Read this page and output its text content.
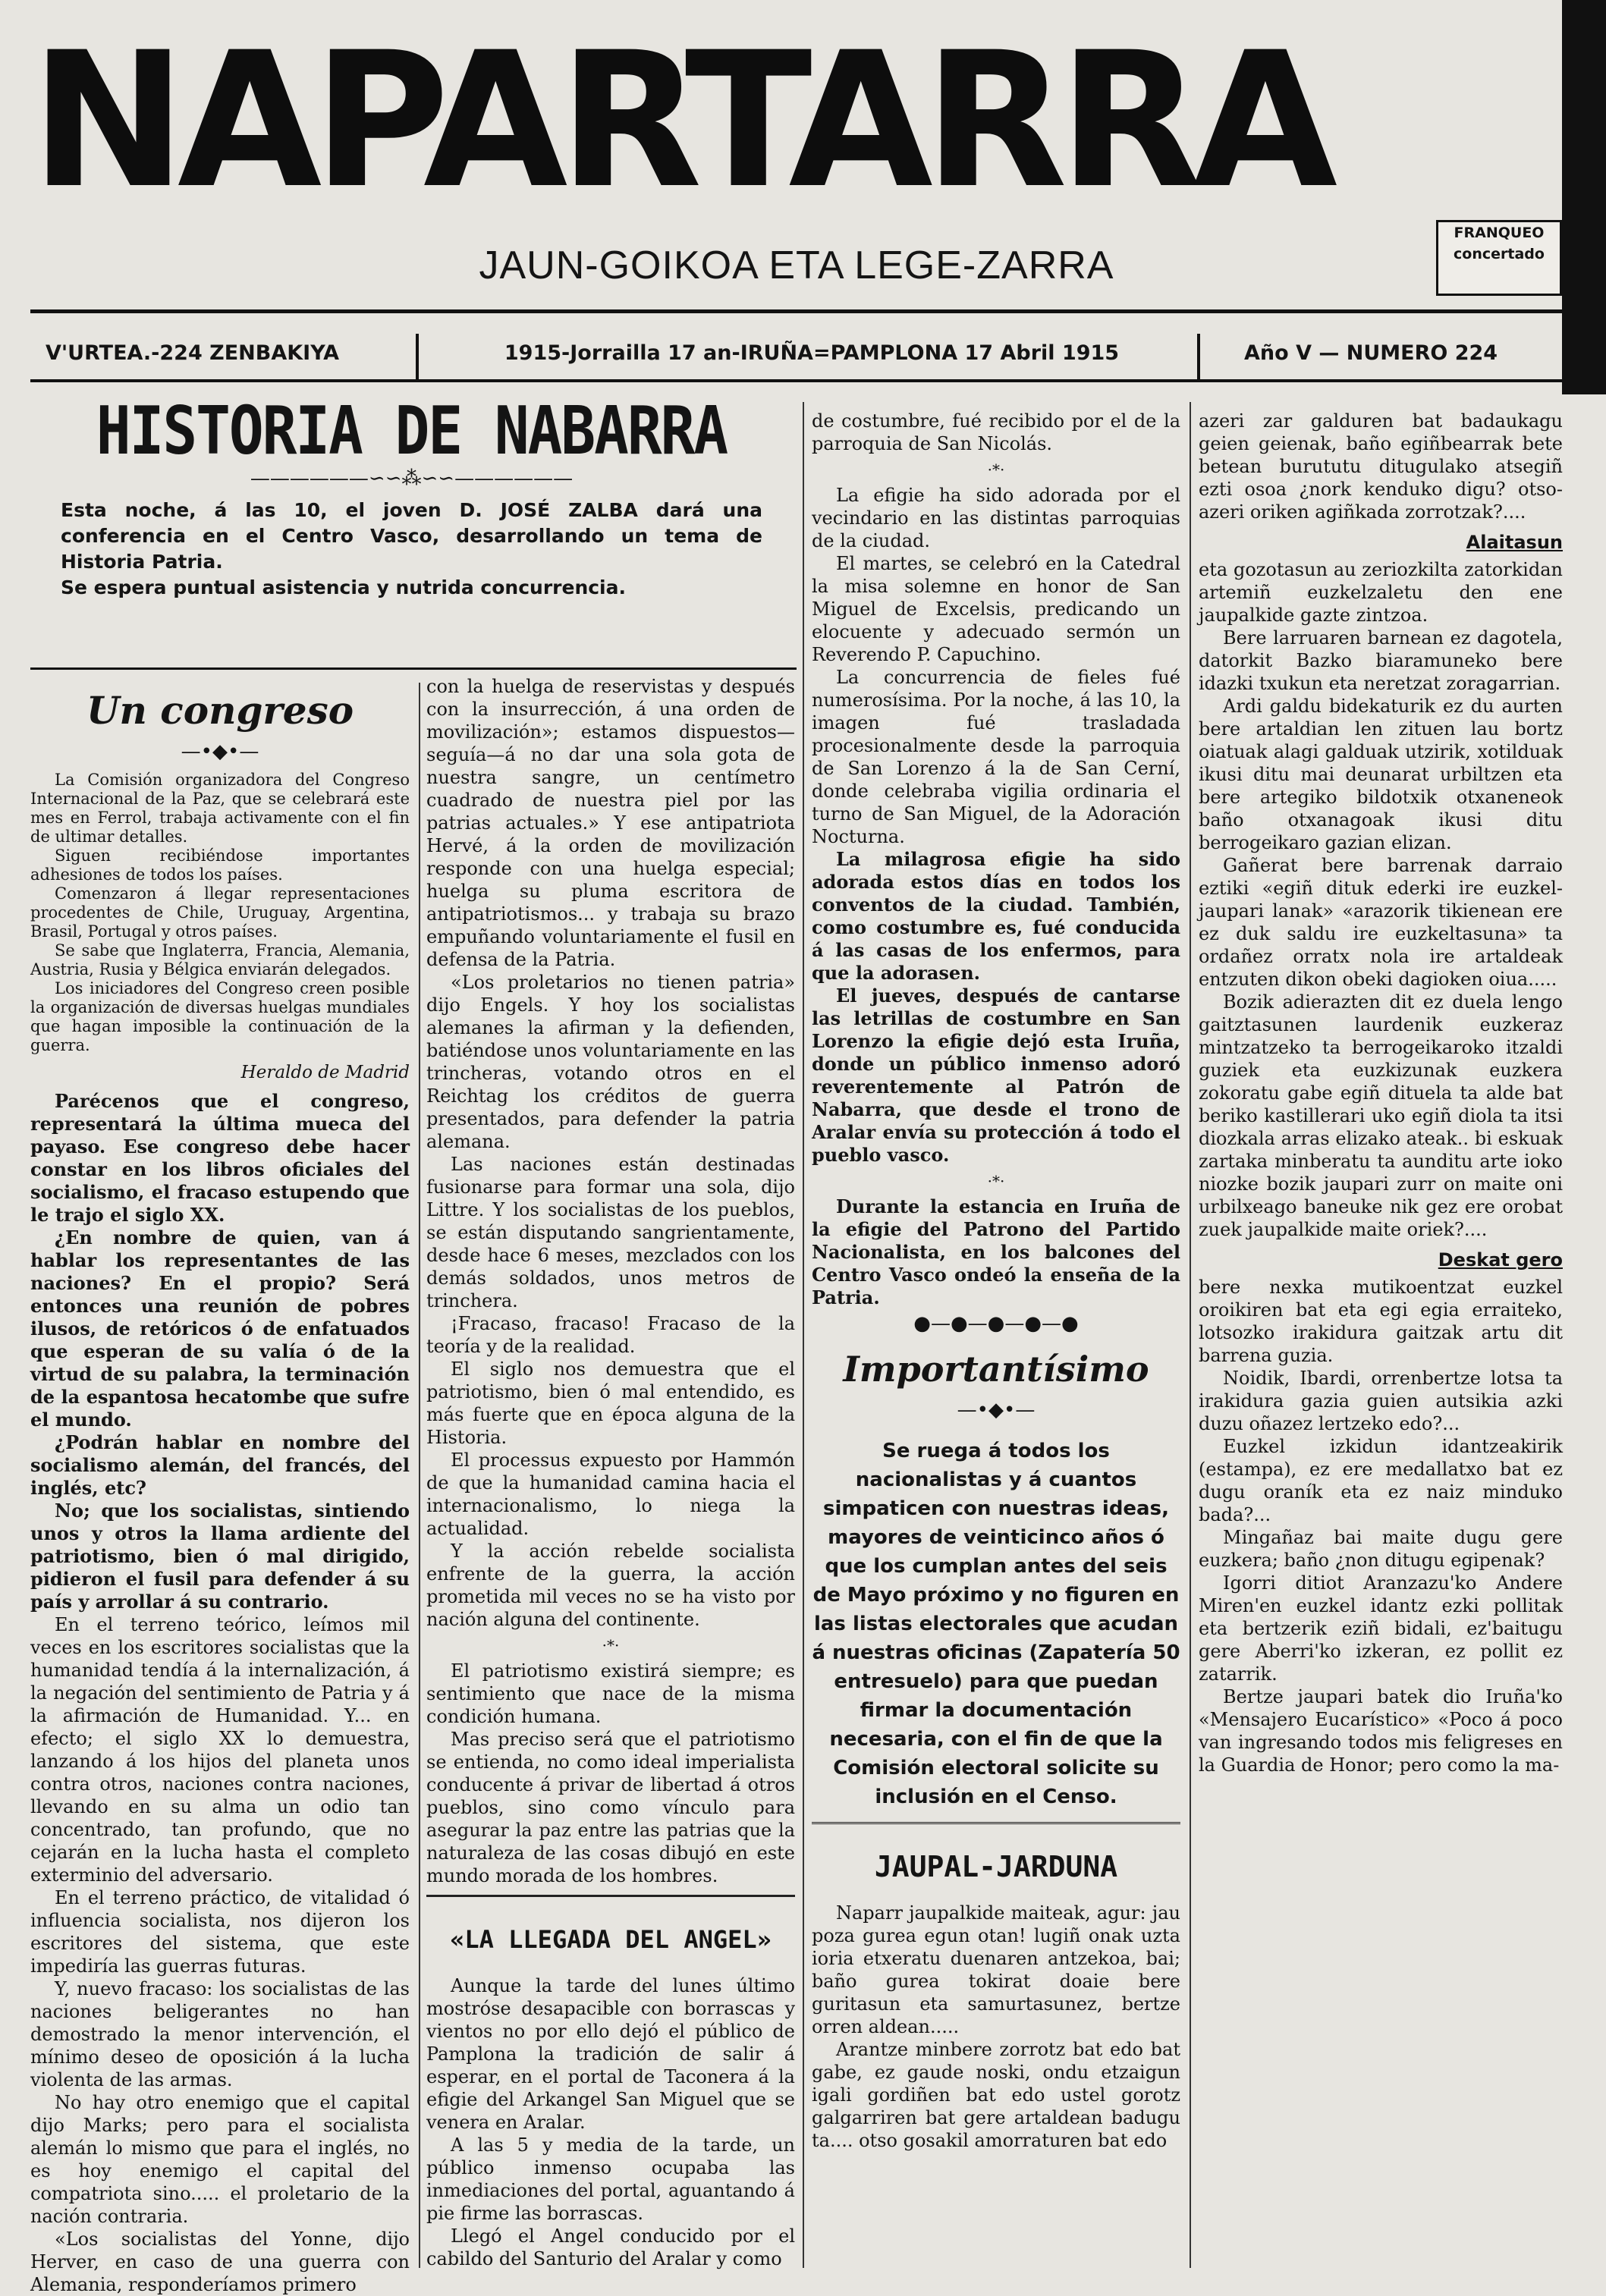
NAPARTARRA
JAUN-GOIKOA ETA LEGE-ZARRA
FRANQUEO
concertado
V'URTEA.-224 ZENBAKIYA	1915-Jorrailla 17 an-IRUÑA=PAMPLONA 17 Abril 1915	Año V — NUMERO 224
HISTORIA DE NABARRA
——————∽∽⁂∽∽——————

Esta noche, á las 10, el joven D. JOSÉ ZALBA dará una conferencia en el Centro Vasco, desarrollando un tema de Historia Patria.

Se espera puntual asistencia y nutrida concurrencia.

Un congreso
—•◆•—

La Comisión organizadora del Congreso Internacional de la Paz, que se celebrará este mes en Ferrol, trabaja activamente con el fin de ultimar detalles.

Siguen recibiéndose importantes adhesiones de todos los países.

Comenzaron á llegar representaciones procedentes de Chile, Uruguay, Argentina, Brasil, Portugal y otros países.

Se sabe que Inglaterra, Francia, Alemania, Austria, Rusia y Bélgica enviarán delegados.

Los iniciadores del Congreso creen posible la organización de diversas huelgas mundiales que hagan imposible la continuación de la guerra.

Heraldo de Madrid

Parécenos que el congreso, representará la última mueca del payaso. Ese congreso debe hacer constar en los libros oficiales del socialismo, el fracaso estupendo que le trajo el siglo XX.

¿En nombre de quien, van á hablar los representantes de las naciones? En el propio? Será entonces una reunión de pobres ilusos, de retóricos ó de enfatuados que esperan de su valía ó de la virtud de su palabra, la terminación de la espantosa hecatombe que sufre el mundo.

¿Podrán hablar en nombre del socialismo alemán, del francés, del inglés, etc?

No; que los socialistas, sintiendo unos y otros la llama ardiente del patriotismo, bien ó mal dirigido, pidieron el fusil para defender á su país y arrollar á su contrario.

En el terreno teórico, leímos mil veces en los escritores socialistas que la humanidad tendía á la internalización, á la negación del sentimiento de Patria y á la afirmación de Humanidad. Y... en efecto; el siglo XX lo demuestra, lanzando á los hijos del planeta unos contra otros, naciones contra naciones, llevando en su alma un odio tan concentrado, tan profundo, que no cejarán en la lucha hasta el completo exterminio del adversario.

En el terreno práctico, de vitalidad ó influencia socialista, nos dijeron los escritores del sistema, que este impediría las guerras futuras.

Y, nuevo fracaso: los socialistas de las naciones beligerantes no han demostrado la menor intervención, el mínimo deseo de oposición á la lucha violenta de las armas.

No hay otro enemigo que el capital dijo Marks; pero para el socialista alemán lo mismo que para el inglés, no es hoy enemigo el capital del compatriota sino..... el proletario de la nación contraria.

«Los socialistas del Yonne, dijo Herver, en caso de una guerra con Alemania, responderíamos primero

con la huelga de reservistas y después con la insurrección, á una orden de movilización»; estamos dispuestos—seguía—á no dar una sola gota de nuestra sangre, un centímetro cuadrado de nuestra piel por las patrias actuales.» Y ese antipatriota Hervé, á la orden de movilización responde con una huelga especial; huelga su pluma escritora de antipatriotismos... y trabaja su brazo empuñando voluntariamente el fusil en defensa de la Patria.

«Los proletarios no tienen patria» dijo Engels. Y hoy los socialistas alemanes la afirman y la defienden, batiéndose unos voluntariamente en las trincheras, votando otros en el Reichtag los créditos de guerra presentados, para defender la patria alemana.

Las naciones están destinadas fusionarse para formar una sola, dijo Littre. Y los socialistas de los pueblos, se están disputando sangrientamente, desde hace 6 meses, mezclados con los demás soldados, unos metros de trinchera.

¡Fracaso, fracaso! Fracaso de la teoría y de la realidad.

El siglo nos demuestra que el patriotismo, bien ó mal entendido, es más fuerte que en época alguna de la Historia.

El processus expuesto por Hammón de que la humanidad camina hacia el internacionalismo, lo niega la actualidad.

Y la acción rebelde socialista enfrente de la guerra, la acción prometida mil veces no se ha visto por nación alguna del continente.

·*·

El patriotismo existirá siempre; es sentimiento que nace de la misma condición humana.

Mas preciso será que el patriotismo se entienda, no como ideal imperialista conducente á privar de libertad á otros pueblos, sino como vínculo para asegurar la paz entre las patrias que la naturaleza de las cosas dibujó en este mundo morada de los hombres.

«LA LLEGADA DEL ANGEL»

Aunque la tarde del lunes último mostróse desapacible con borrascas y vientos no por ello dejó el público de Pamplona la tradición de salir á esperar, en el portal de Taconera á la efigie del Arkangel San Miguel que se venera en Aralar.

A las 5 y media de la tarde, un público inmenso ocupaba las inmediaciones del portal, aguantando á pie firme las borrascas.

Llegó el Angel conducido por el cabildo del Santurio del Aralar y como

de costumbre, fué recibido por el de la parroquia de San Nicolás.

·*·

La efigie ha sido adorada por el vecindario en las distintas parroquias de la ciudad.

El martes, se celebró en la Catedral la misa solemne en honor de San Miguel de Excelsis, predicando un elocuente y adecuado sermón un Reverendo P. Capuchino.

La concurrencia de fieles fué numerosísima. Por la noche, á las 10, la imagen fué trasladada procesionalmente desde la parroquia de San Lorenzo á la de San Cerní, donde celebraba vigilia ordinaria el turno de San Miguel, de la Adoración Nocturna.

La milagrosa efigie ha sido adorada estos días en todos los conventos de la ciudad. También, como costumbre es, fué conducida á las casas de los enfermos, para que la adorasen.

El jueves, después de cantarse las letrillas de costumbre en San Lorenzo la efigie dejó esta Iruña, donde un público inmenso adoró reverentemente al Patrón de Nabarra, que desde el trono de Aralar envía su protección á todo el pueblo vasco.

·*·

Durante la estancia en Iruña de la efigie del Patrono del Partido Nacionalista, en los balcones del Centro Vasco ondeó la enseña de la Patria.

●—●—●—●—●
Importantísimo
—•◆•—
Se ruega á todos los nacionalistas y á cuantos simpaticen con nuestras ideas, mayores de veinticinco años ó que los cumplan antes del seis de Mayo próximo y no figuren en las listas electorales que acudan á nuestras oficinas (Zapatería 50 entresuelo) para que puedan firmar la documentación necesaria, con el fin de que la Comisión electoral solicite su inclusión en el Censo.
JAUPAL-JARDUNA

Naparr jaupalkide maiteak, agur: jau poza gurea egun otan! lugiñ onak uzta ioria etxeratu duenaren antzekoa, bai; baño gurea tokirat doaie bere guritasun eta samurtasunez, bertze orren aldean.....

Arantze minbere zorrotz bat edo bat gabe, ez gaude noski, ondu etzaigun igali gordiñen bat edo ustel gorotz galgarriren bat gere artaldean badugu ta.... otso gosakil amorraturen bat edo

azeri zar galduren bat badaukagu geien geienak, baño egiñbearrak bete betean burututu ditugulako atsegiñ ezti osoa ¿nork kenduko digu? otso-azeri oriken agiñkada zorrotzak?....

Alaitasun

eta gozotasun au zeriozkilta zatorkidan artemiñ euzkelzaletu den ene jaupalkide gazte zintzoa.

Bere larruaren barnean ez dagotela, datorkit Bazko biaramuneko bere idazki txukun eta neretzat zoragarrian.

Ardi galdu bidekaturik ez du aurten bere artaldian len zituen lau bortz oiatuak alagi galduak utzirik, xotilduak ikusi ditu mai deunarat urbiltzen eta bere artegiko bildotxik otxaneneok baño otxanagoak ikusi ditu berrogeikaro gazian elizan.

Gañerat bere barrenak darraio eztiki «egiñ dituk ederki ire euzkel-jaupari lanak» «arazorik tikienean ere ez duk saldu ire euzkeltasuna» ta ordañez orratx nola ire artaldeak entzuten dikon obeki dagioken oiua.....

Bozik adierazten dit ez duela lengo gaitztasunen laurdenik euzkeraz mintzatzeko ta berrogeikaroko itzaldi guziek eta euzkizunak euzkera zokoratu gabe egiñ dituela ta alde bat beriko kastillerari uko egiñ diola ta itsi diozkala arras elizako ateak.. bi eskuak zartaka minberatu ta aunditu arte ioko niozke bozik jaupari zurr on maite oni urbilxeago baneuke nik gez ere orobat zuek jaupalkide maite oriek?....

Deskat gero

bere nexka mutikoentzat euzkel oroikiren bat eta egi egia erraiteko, lotsozko irakidura gaitzak artu dit barrena guzia.

Noidik, Ibardi, orrenbertze lotsa ta irakidura gazia guien autsikia azki duzu oñazez lertzeko edo?...

Euzkel izkidun idantzeakirik (estampa), ez ere medallatxo bat ez dugu oraník eta ez naiz minduko bada?...

Mingañaz bai maite dugu gere euzkera; baño ¿non ditugu egipenak?

Igorri ditiot Aranzazu'ko Andere Miren'en euzkel idantz ezki pollitak eta bertzerik eziñ bidali, ez'baitugu gere Aberri'ko izkeran, ez pollit ez zatarrik.

Bertze jaupari batek dio Iruña'ko «Mensajero Eucarístico» «Poco á poco van ingresando todos mis feligreses en la Guardia de Honor; pero como la ma-
